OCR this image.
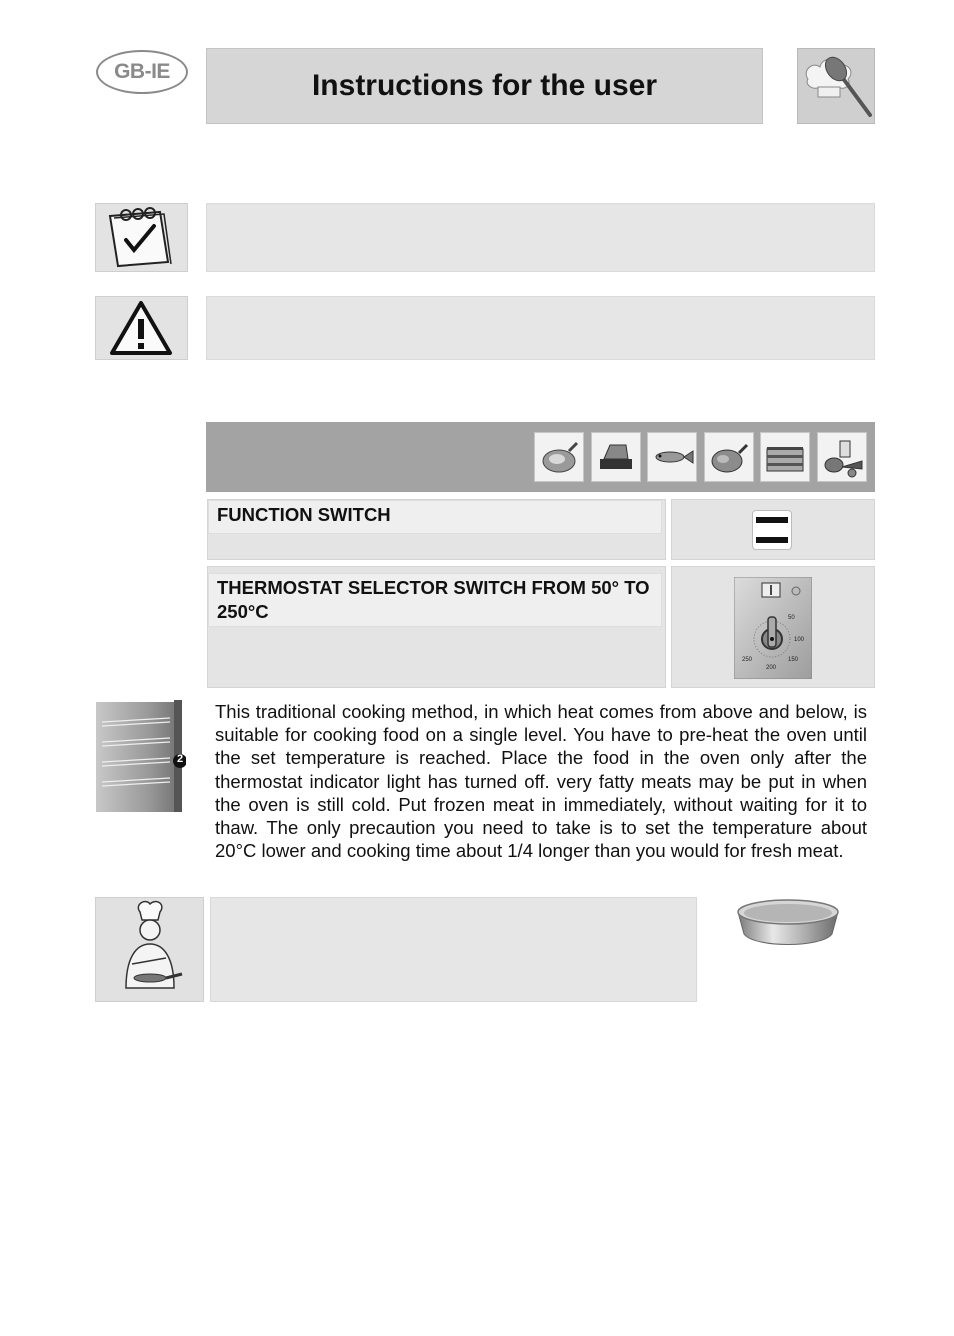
GB-IE	Instructions for the user
FUNCTION SWITCH
THERMOSTAT SELECTOR SWITCH FROM 50° TO 250°C	50
100
150
200
250
2
This traditional cooking method, in which heat comes from above and below, is suitable for cooking food on a single level. You have to pre-heat the oven until the set temperature is reached. Place the food in the oven only after the thermostat indicator light has turned off. very fatty meats may be put in when the oven is still cold. Put frozen meat in immediately, without waiting for it to thaw. The only precaution you need to take is to set the temperature about 20°C lower and cooking time about 1/4 longer than you would for fresh meat.
